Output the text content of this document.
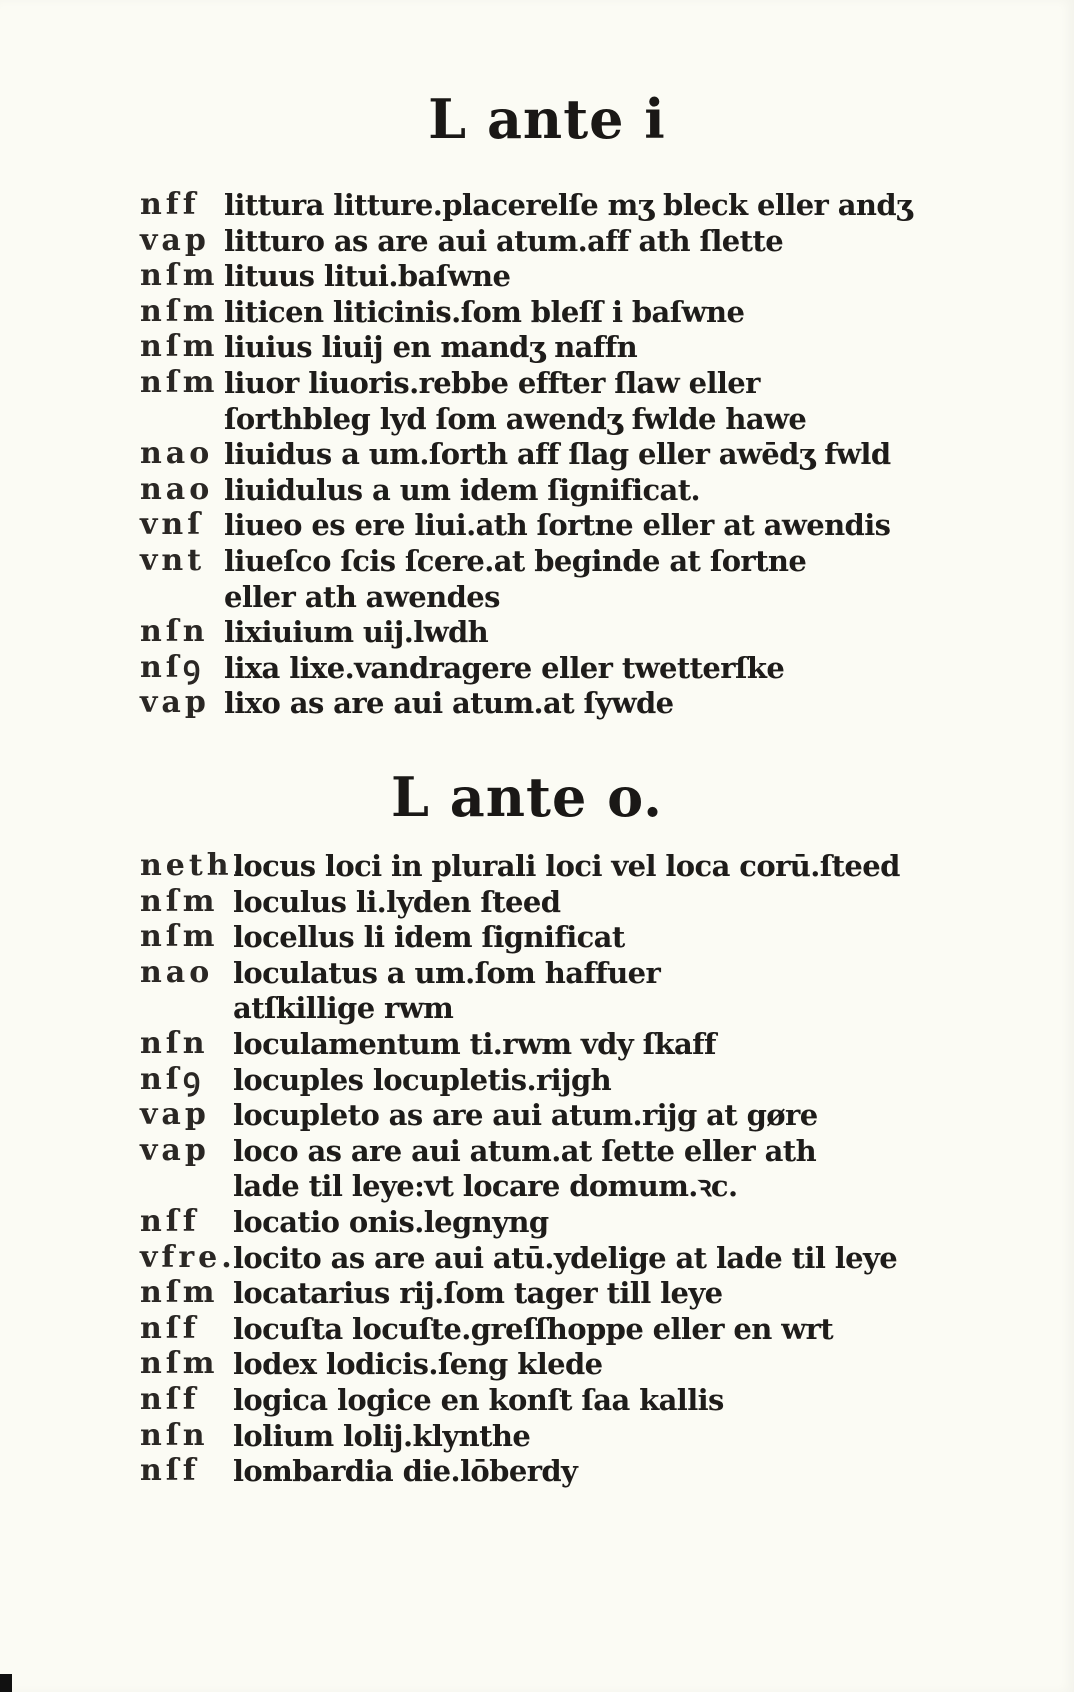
L ante i
nff littura litture.placerelſe mʒ bleck eller andʒ
vap litturo as are aui atum.aff ath ſlette
nſm lituus litui.baſwne
nſm liticen liticinis.ſom bleſſ i baſwne
nſm liuius liuij en mandʒ naffn
nſm liuor liuoris.rebbe effter ſlaw eller
ſorthbleg lyd ſom awendʒ fwlde hawe
nao liuidus a um.ſorth aff ſlag eller awēdʒ fwld
nao liuidulus a um idem ſignificat.
vnſ liueo es ere liui.ath ſortne eller at awendis
vnt liueſco ſcis ſcere.at beginde at ſortne
eller ath awendes
nſn lixiuium uij.lwdh
nſꝯ lixa lixe.vandragere eller twetterſke
vap lixo as are aui atum.at ſywde
L ante o.
neth.
locus loci in plurali loci vel loca corū.ſteed
nſm loculus li.lyden ſteed
nſm locellus li idem ſignificat
nao loculatus a um.ſom haffuer
atſkillige rwm
nſn loculamentum ti.rwm vdy ſkaff
nſꝯ locuples locupletis.rijgh
vap locupleto as are aui atum.rijg at gøre
vap loco as are aui atum.at ſette eller ath
lade til leye:vt locare domum.ꝛc.
nſf locatio onis.legnyng
vfre.
locito as are aui atū.ydelige at lade til leye
nſm locatarius rij.ſom tager till leye
nſf locuſta locuſte.greſſhoppe eller en wrt
nſm lodex lodicis.ſeng klede
nſf logica logice en konſt ſaa kallis
nſn lolium lolij.klynthe
nſf lombardia die.lōberdy
